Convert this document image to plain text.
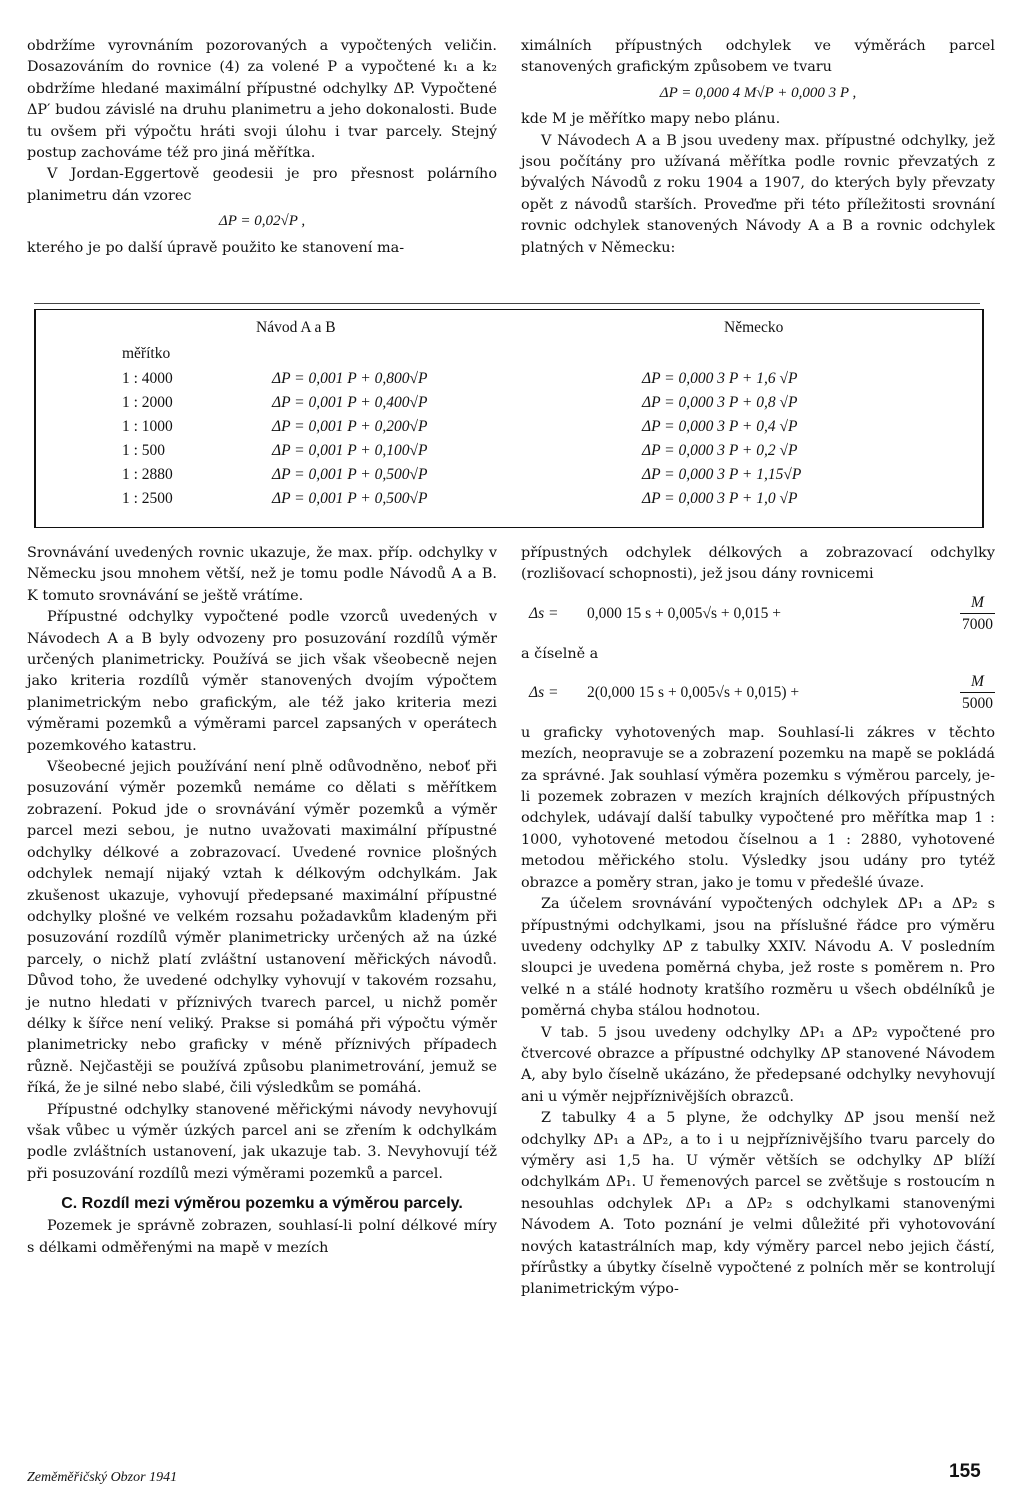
obdržíme vyrovnáním pozorovaných a vypočtených veličin. Dosazováním do rovnice (4) za volené P a vypočtené k₁ a k₂ obdržíme hledané maximální přípustné odchylky ΔP. Vypočtené ΔP′ budou závislé na druhu planimetru a jeho dokonalosti. Bude tu ovšem při výpočtu hráti svoji úlohu i tvar parcely. Stejný postup zachováme též pro jiná měřítka.

V Jordan-Eggertově geodesii je pro přesnost polárního planimetru dán vzorec

ΔP = 0,02√P ,

kterého je po další úpravě použito ke stanovení ma-

ximálních přípustných odchylek ve výměrách parcel stanovených grafickým způsobem ve tvaru

ΔP = 0,000 4 M√P + 0,000 3 P ,

kde M je měřítko mapy nebo plánu.

V Návodech A a B jsou uvedeny max. přípustné odchylky, jež jsou počítány pro užívaná měřítka podle rovnic převzatých z bývalých Návodů z roku 1904 a 1907, do kterých byly převzaty opět z návodů starších. Proveďme při této příležitosti srovnání rovnic odchylek stanovených Návody A a B a rovnic odchylek platných v Německu:

Návod A a B	Německo
měřítko
1 : 4000	ΔP = 0,001 P + 0,800√P	ΔP = 0,000 3 P + 1,6 √P
1 : 2000	ΔP = 0,001 P + 0,400√P	ΔP = 0,000 3 P + 0,8 √P
1 : 1000	ΔP = 0,001 P + 0,200√P	ΔP = 0,000 3 P + 0,4 √P
1 : 500	ΔP = 0,001 P + 0,100√P	ΔP = 0,000 3 P + 0,2 √P
1 : 2880	ΔP = 0,001 P + 0,500√P	ΔP = 0,000 3 P + 1,15√P
1 : 2500	ΔP = 0,001 P + 0,500√P	ΔP = 0,000 3 P + 1,0 √P

Srovnávání uvedených rovnic ukazuje, že max. příp. odchylky v Německu jsou mnohem větší, než je tomu podle Návodů A a B. K tomuto srovnávání se ještě vrátíme.

Přípustné odchylky vypočtené podle vzorců uvedených v Návodech A a B byly odvozeny pro posuzování rozdílů výměr určených planimetricky. Používá se jich však všeobecně nejen jako kriteria rozdílů výměr stanovených dvojím výpočtem planimetrickým nebo grafickým, ale též jako kriteria mezi výměrami pozemků a výměrami parcel zapsaných v operátech pozemkového katastru.

Všeobecné jejich používání není plně odůvodněno, neboť při posuzování výměr pozemků nemáme co dělati s měřítkem zobrazení. Pokud jde o srovnávání výměr pozemků a výměr parcel mezi sebou, je nutno uvažovati maximální přípustné odchylky délkové a zobrazovací. Uvedené rovnice plošných odchylek nemají nijaký vztah k délkovým odchylkám. Jak zkušenost ukazuje, vyhovují předepsané maximální přípustné odchylky plošné ve velkém rozsahu požadavkům kladeným při posuzování rozdílů výměr planimetricky určených až na úzké parcely, o nichž platí zvláštní ustanovení měřických návodů. Důvod toho, že uvedené odchylky vyhovují v takovém rozsahu, je nutno hledati v příznivých tvarech parcel, u nichž poměr délky k šířce není veliký. Prakse si pomáhá při výpočtu výměr planimetricky nebo graficky v méně příznivých případech různě. Nejčastěji se používá způsobu planimetrování, jemuž se říká, že je silné nebo slabé, čili výsledkům se pomáhá.

Přípustné odchylky stanovené měřickými návody nevyhovují však vůbec u výměr úzkých parcel ani se zřením k odchylkám podle zvláštních ustanovení, jak ukazuje tab. 3. Nevyhovují též při posuzování rozdílů mezi výměrami pozemků a parcel.

C. Rozdíl mezi výměrou pozemku a výměrou parcely.

Pozemek je správně zobrazen, souhlasí-li polní délkové míry s délkami odměřenými na mapě v mezích

přípustných odchylek délkových a zobrazovací odchylky (rozlišovací schopnosti), jež jsou dány rovnicemi

Δs =	0,000 15 s + 0,005√s + 0,015 +	$\frac{M}{7000}$

a číselně a

Δs =	2(0,000 15 s + 0,005√s + 0,015) +	$\frac{M}{5000}$

u graficky vyhotovených map. Souhlasí-li zákres v těchto mezích, neopravuje se a zobrazení pozemku na mapě se pokládá za správné. Jak souhlasí výměra pozemku s výměrou parcely, je-li pozemek zobrazen v mezích krajních délkových přípustných odchylek, udávají další tabulky vypočtené pro měřítka map 1 : 1000, vyhotovené metodou číselnou a 1 : 2880, vyhotovené metodou měřického stolu. Výsledky jsou udány pro tytéž obrazce a poměry stran, jako je tomu v předešlé úvaze.

Za účelem srovnávání vypočtených odchylek ΔP₁ a ΔP₂ s přípustnými odchylkami, jsou na příslušné řádce pro výměru uvedeny odchylky ΔP z tabulky XXIV. Návodu A. V posledním sloupci je uvedena poměrná chyba, jež roste s poměrem n. Pro velké n a stálé hodnoty kratšího rozměru u všech obdélníků je poměrná chyba stálou hodnotou.

V tab. 5 jsou uvedeny odchylky ΔP₁ a ΔP₂ vypočtené pro čtvercové obrazce a přípustné odchylky ΔP stanovené Návodem A, aby bylo číselně ukázáno, že předepsané odchylky nevyhovují ani u výměr nejpříznivějších obrazců.

Z tabulky 4 a 5 plyne, že odchylky ΔP jsou menší než odchylky ΔP₁ a ΔP₂, a to i u nejpříznivějšího tvaru parcely do výměry asi 1,5 ha. U výměr větších se odchylky ΔP blíží odchylkám ΔP₁. U řemenových parcel se zvětšuje s rostoucím n nesouhlas odchylek ΔP₁ a ΔP₂ s odchylkami stanovenými Návodem A. Toto poznání je velmi důležité při vyhotovování nových katastrálních map, kdy výměry parcel nebo jejich částí, přírůstky a úbytky číselně vypočtené z polních měr se kontrolují planimetrickým výpo-

Zeměměřičský Obzor 1941	155
